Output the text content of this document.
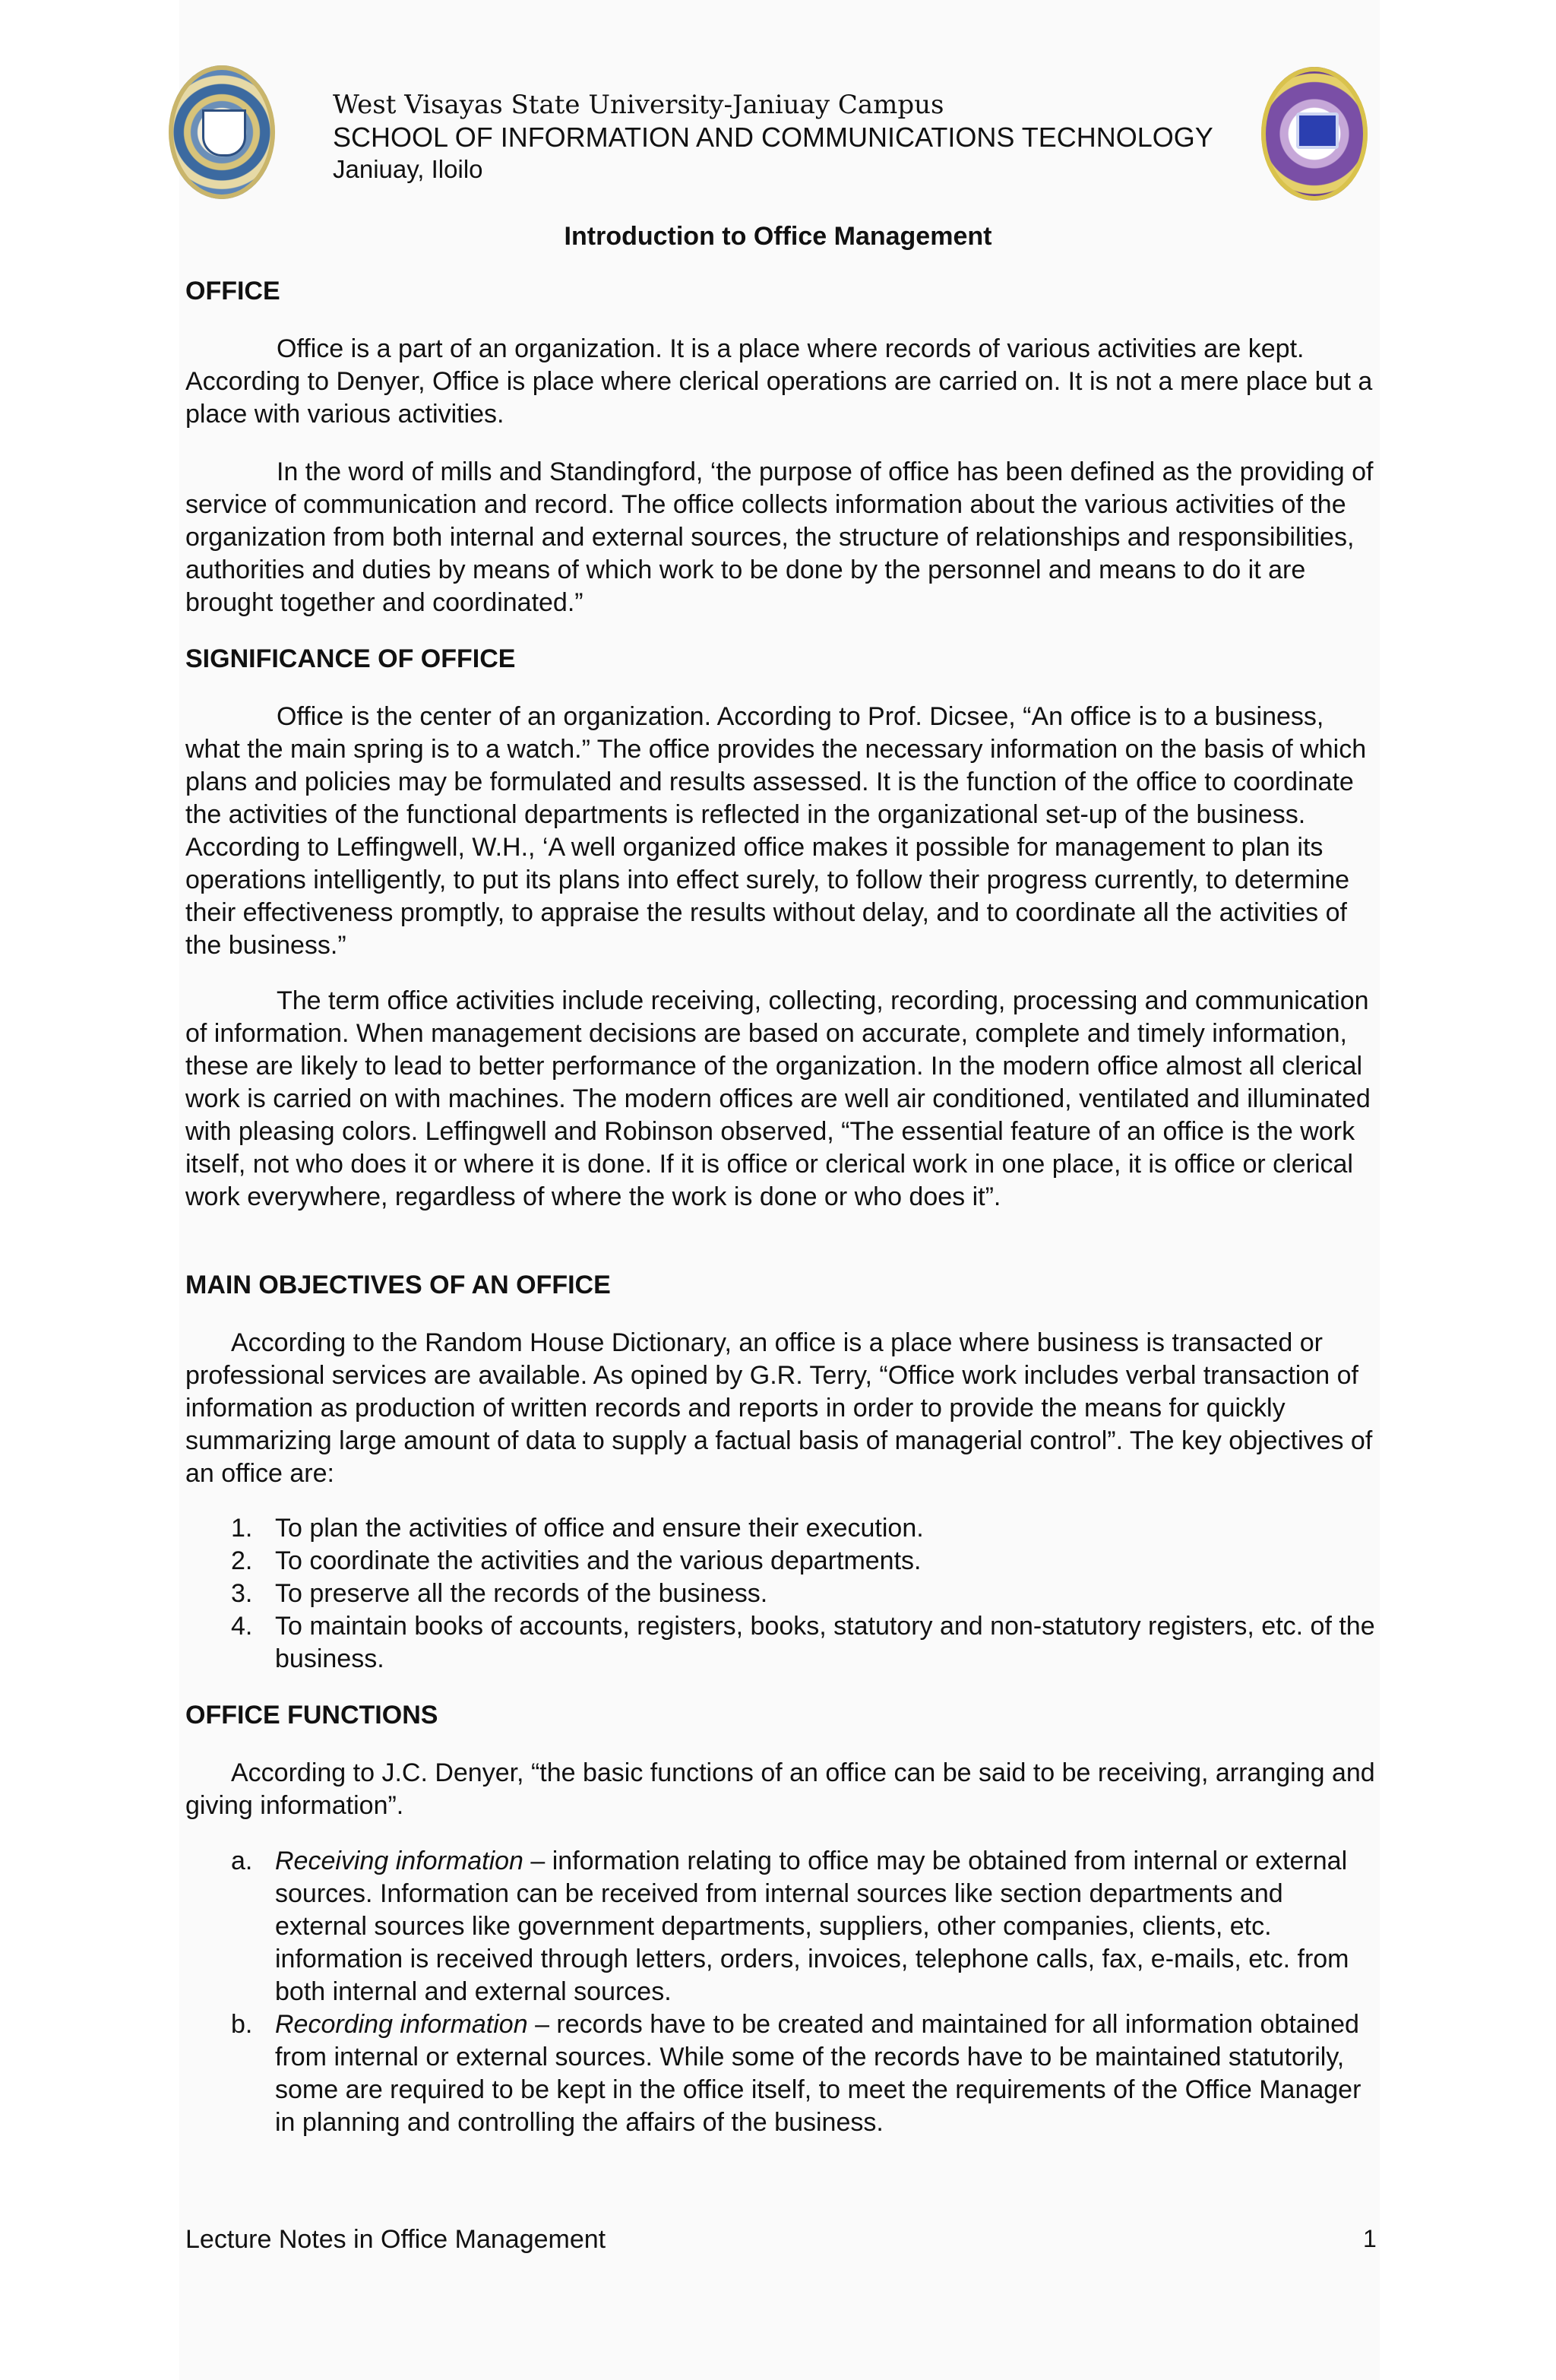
West Visayas State University-Janiuay Campus
SCHOOL OF INFORMATION AND COMMUNICATIONS TECHNOLOGY
Janiuay, Iloilo
Introduction to Office Management

OFFICE

Office is a part of an organization. It is a place where records of various activities are kept. According to Denyer, Office is place where clerical operations are carried on. It is not a mere place but a place with various activities.

In the word of mills and Standingford, ‘the purpose of office has been defined as the providing of service of communication and record. The office collects information about the various activities of the organization from both internal and external sources, the structure of relationships and responsibilities, authorities and duties by means of which work to be done by the personnel and means to do it are brought together and coordinated.”

SIGNIFICANCE OF OFFICE

Office is the center of an organization. According to Prof. Dicsee, “An office is to a business, what the main spring is to a watch.” The office provides the necessary information on the basis of which plans and policies may be formulated and results assessed. It is the function of the office to coordinate the activities of the functional departments is reflected in the organizational set-up of the business. According to Leffingwell, W.H., ‘A well organized office makes it possible for management to plan its operations intelligently, to put its plans into effect surely, to follow their progress currently, to determine their effectiveness promptly, to appraise the results without delay, and to coordinate all the activities of the business.”

The term office activities include receiving, collecting, recording, processing and communication of information. When management decisions are based on accurate, complete and timely information, these are likely to lead to better performance of the organization. In the modern office almost all clerical work is carried on with machines. The modern offices are well air conditioned, ventilated and illuminated with pleasing colors. Leffingwell and Robinson observed, “The essential feature of an office is the work itself, not who does it or where it is done. If it is office or clerical work in one place, it is office or clerical work everywhere, regardless of where the work is done or who does it”.

MAIN OBJECTIVES OF AN OFFICE

According to the Random House Dictionary, an office is a place where business is transacted or professional services are available. As opined by G.R. Terry, “Office work includes verbal transaction of information as production of written records and reports in order to provide the means for quickly summarizing large amount of data to supply a factual basis of managerial control”. The key objectives of an office are:

1. To plan the activities of office and ensure their execution.
2. To coordinate the activities and the various departments.
3. To preserve all the records of the business.
4. To maintain books of accounts, registers, books, statutory and non-statutory registers, etc. of the business.

OFFICE FUNCTIONS

According to J.C. Denyer, “the basic functions of an office can be said to be receiving, arranging and giving information”.

a. Receiving information – information relating to office may be obtained from internal or external sources. Information can be received from internal sources like section departments and external sources like government departments, suppliers, other companies, clients, etc. information is received through letters, orders, invoices, telephone calls, fax, e-mails, etc. from both internal and external sources.
b. Recording information – records have to be created and maintained for all information obtained from internal or external sources. While some of the records have to be maintained statutorily, some are required to be kept in the office itself, to meet the requirements of the Office Manager in planning and controlling the affairs of the business.
Lecture Notes in Office Management	1
